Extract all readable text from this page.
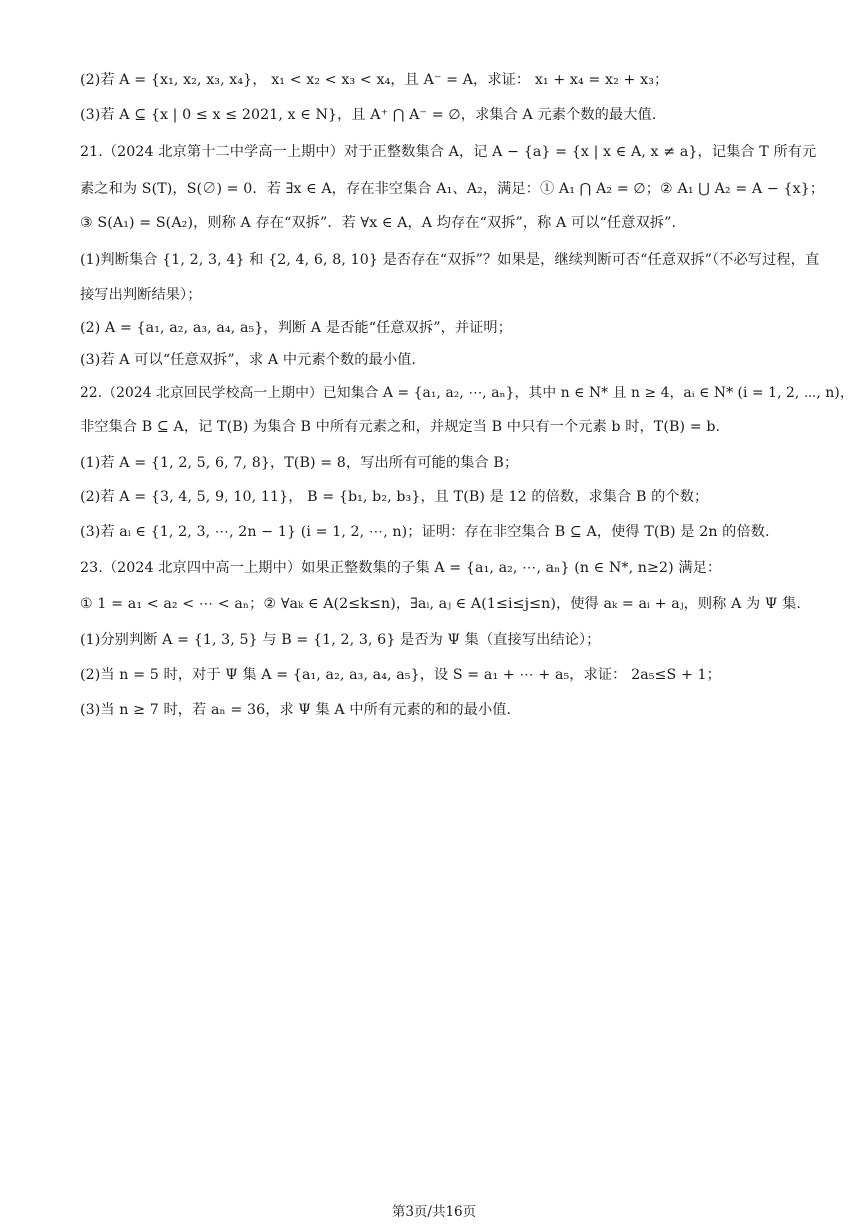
(2)若 A = {x₁, x₂, x₃, x₄}， x₁ < x₂ < x₃ < x₄，且 A⁻ = A，求证： x₁ + x₄ = x₂ + x₃；
(3)若 A ⊆ {x | 0 ≤ x ≤ 2021, x ∈ N}，且 A⁺ ⋂ A⁻ = ∅，求集合 A 元素个数的最大值.
21.（2024 北京第十二中学高一上期中）对于正整数集合 A，记 A − {a} = {x | x ∈ A, x ≠ a}，记集合 T 所有元
素之和为 S(T)，S(∅) = 0．若 ∃x ∈ A，存在非空集合 A₁、A₂，满足：① A₁ ⋂ A₂ = ∅；② A₁ ⋃ A₂ = A − {x}；
③ S(A₁) = S(A₂)，则称 A 存在“双拆”．若 ∀x ∈ A，A 均存在“双拆”，称 A 可以“任意双拆”.
(1)判断集合 {1, 2, 3, 4} 和 {2, 4, 6, 8, 10} 是否存在“双拆”？如果是，继续判断可否“任意双拆”（不必写过程，直
接写出判断结果）；
(2) A = {a₁, a₂, a₃, a₄, a₅}，判断 A 是否能“任意双拆”，并证明；
(3)若 A 可以“任意双拆”，求 A 中元素个数的最小值.
22.（2024 北京回民学校高一上期中）已知集合 A = {a₁, a₂, ⋯, aₙ}，其中 n ∈ N* 且 n ≥ 4，aᵢ ∈ N* (i = 1, 2, ⋯, n)，
非空集合 B ⊆ A，记 T(B) 为集合 B 中所有元素之和，并规定当 B 中只有一个元素 b 时，T(B) = b.
(1)若 A = {1, 2, 5, 6, 7, 8}，T(B) = 8，写出所有可能的集合 B；
(2)若 A = {3, 4, 5, 9, 10, 11}， B = {b₁, b₂, b₃}，且 T(B) 是 12 的倍数，求集合 B 的个数；
(3)若 aᵢ ∈ {1, 2, 3, ⋯, 2n − 1} (i = 1, 2, ⋯, n)；证明：存在非空集合 B ⊆ A，使得 T(B) 是 2n 的倍数.
23.（2024 北京四中高一上期中）如果正整数集的子集 A = {a₁, a₂, ⋯, aₙ} (n ∈ N*, n≥2) 满足：
① 1 = a₁ < a₂ < ⋯ < aₙ；② ∀aₖ ∈ A(2≤k≤n)，∃aᵢ, aⱼ ∈ A(1≤i≤j≤n)，使得 aₖ = aᵢ + aⱼ，则称 A 为 Ψ 集.
(1)分别判断 A = {1, 3, 5} 与 B = {1, 2, 3, 6} 是否为 Ψ 集（直接写出结论）；
(2)当 n = 5 时，对于 Ψ 集 A = {a₁, a₂, a₃, a₄, a₅}，设 S = a₁ + ⋯ + a₅，求证： 2a₅≤S + 1；
(3)当 n ≥ 7 时，若 aₙ = 36，求 Ψ 集 A 中所有元素的和的最小值.
第3页/共16页
